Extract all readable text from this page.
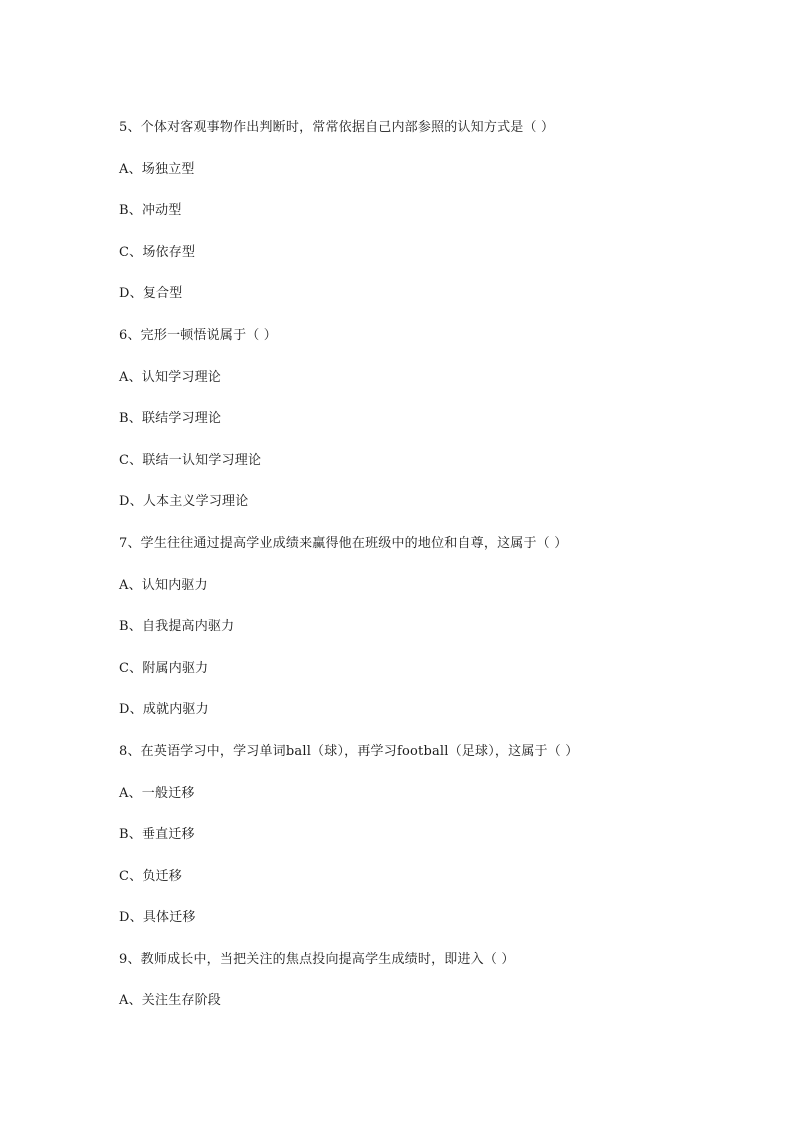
5、个体对客观事物作出判断时，常常依据自己内部参照的认知方式是（ ）
A、场独立型
B、冲动型
C、场依存型
D、复合型
6、完形一顿悟说属于（ ）
A、认知学习理论
B、联结学习理论
C、联结一认知学习理论
D、人本主义学习理论
7、学生往往通过提高学业成绩来赢得他在班级中的地位和自尊，这属于（ ）
A、认知内驱力
B、自我提高内驱力
C、附属内驱力
D、成就内驱力
8、在英语学习中，学习单词ball（球），再学习football（足球），这属于（ ）
A、一般迁移
B、垂直迁移
C、负迁移
D、具体迁移
9、教师成长中，当把关注的焦点投向提高学生成绩时，即进入（ ）
A、关注生存阶段
